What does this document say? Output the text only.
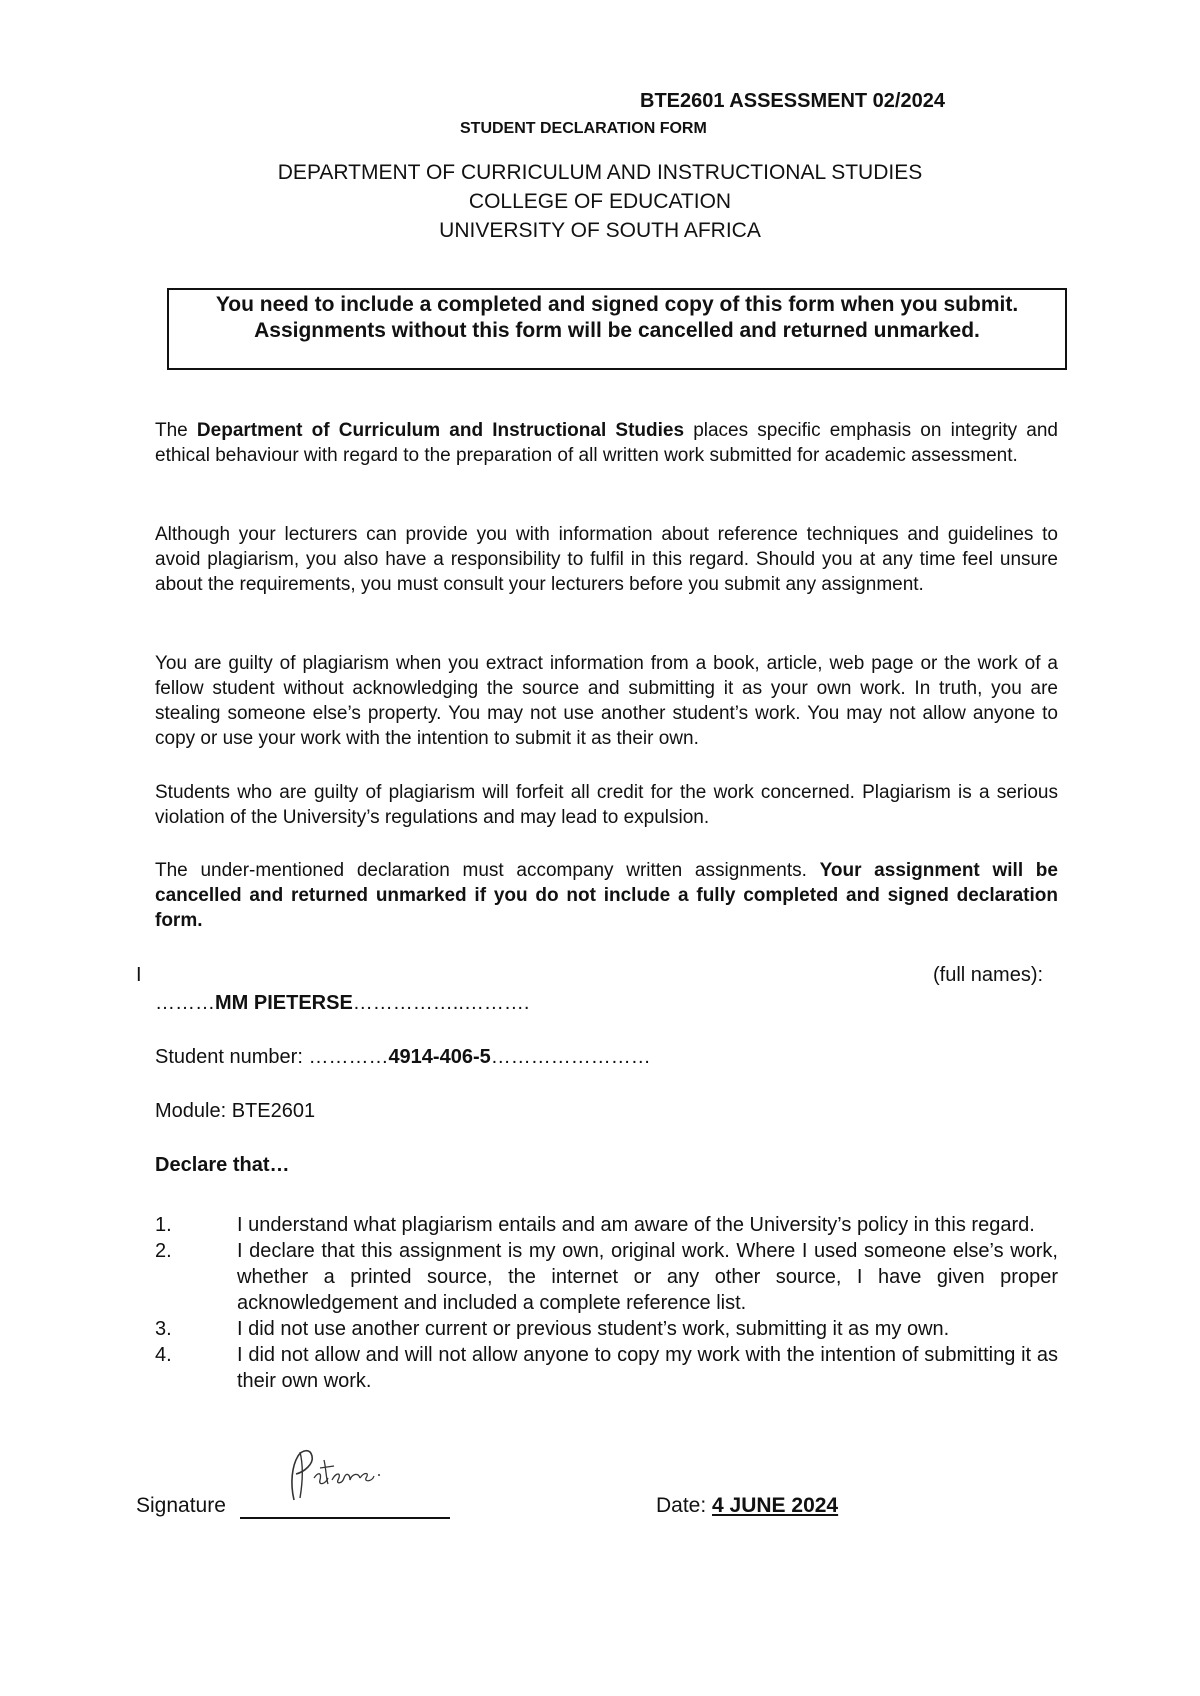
BTE2601 ASSESSMENT 02/2024
STUDENT DECLARATION FORM
DEPARTMENT OF CURRICULUM AND INSTRUCTIONAL STUDIES
COLLEGE OF EDUCATION
UNIVERSITY OF SOUTH AFRICA
You need to include a completed and signed copy of this form when you submit. Assignments without this form will be cancelled and returned unmarked.

The Department of Curriculum and Instructional Studies places specific emphasis on integrity and ethical behaviour with regard to the preparation of all written work submitted for academic assessment.

Although your lecturers can provide you with information about reference techniques and guidelines to avoid plagiarism, you also have a responsibility to fulfil in this regard. Should you at any time feel unsure about the requirements, you must consult your lecturers before you submit any assignment.

You are guilty of plagiarism when you extract information from a book, article, web page or the work of a fellow student without acknowledging the source and submitting it as your own work. In truth, you are stealing someone else’s property. You may not use another student’s work. You may not allow anyone to copy or use your work with the intention to submit it as their own.

Students who are guilty of plagiarism will forfeit all credit for the work concerned. Plagiarism is a serious violation of the University’s regulations and may lead to expulsion.

The under-mentioned declaration must accompany written assignments. Your assignment will be cancelled and returned unmarked if you do not include a fully completed and signed declaration form.

I	(full names):
………MM PIETERSE……………..……….
Student number: …………4914-406-5……………………
Module: BTE2601
Declare that…
1.	I understand what plagiarism entails and am aware of the University’s policy in this regard.
2.	I declare that this assignment is my own, original work. Where I used someone else’s work, whether a printed source, the internet or any other source, I have given proper acknowledgement and included a complete reference list.
3.	I did not use another current or previous student’s work, submitting it as my own.
4.	I did not allow and will not allow anyone to copy my work with the intention of submitting it as their own work.
Signature	Date: 4 JUNE 2024
